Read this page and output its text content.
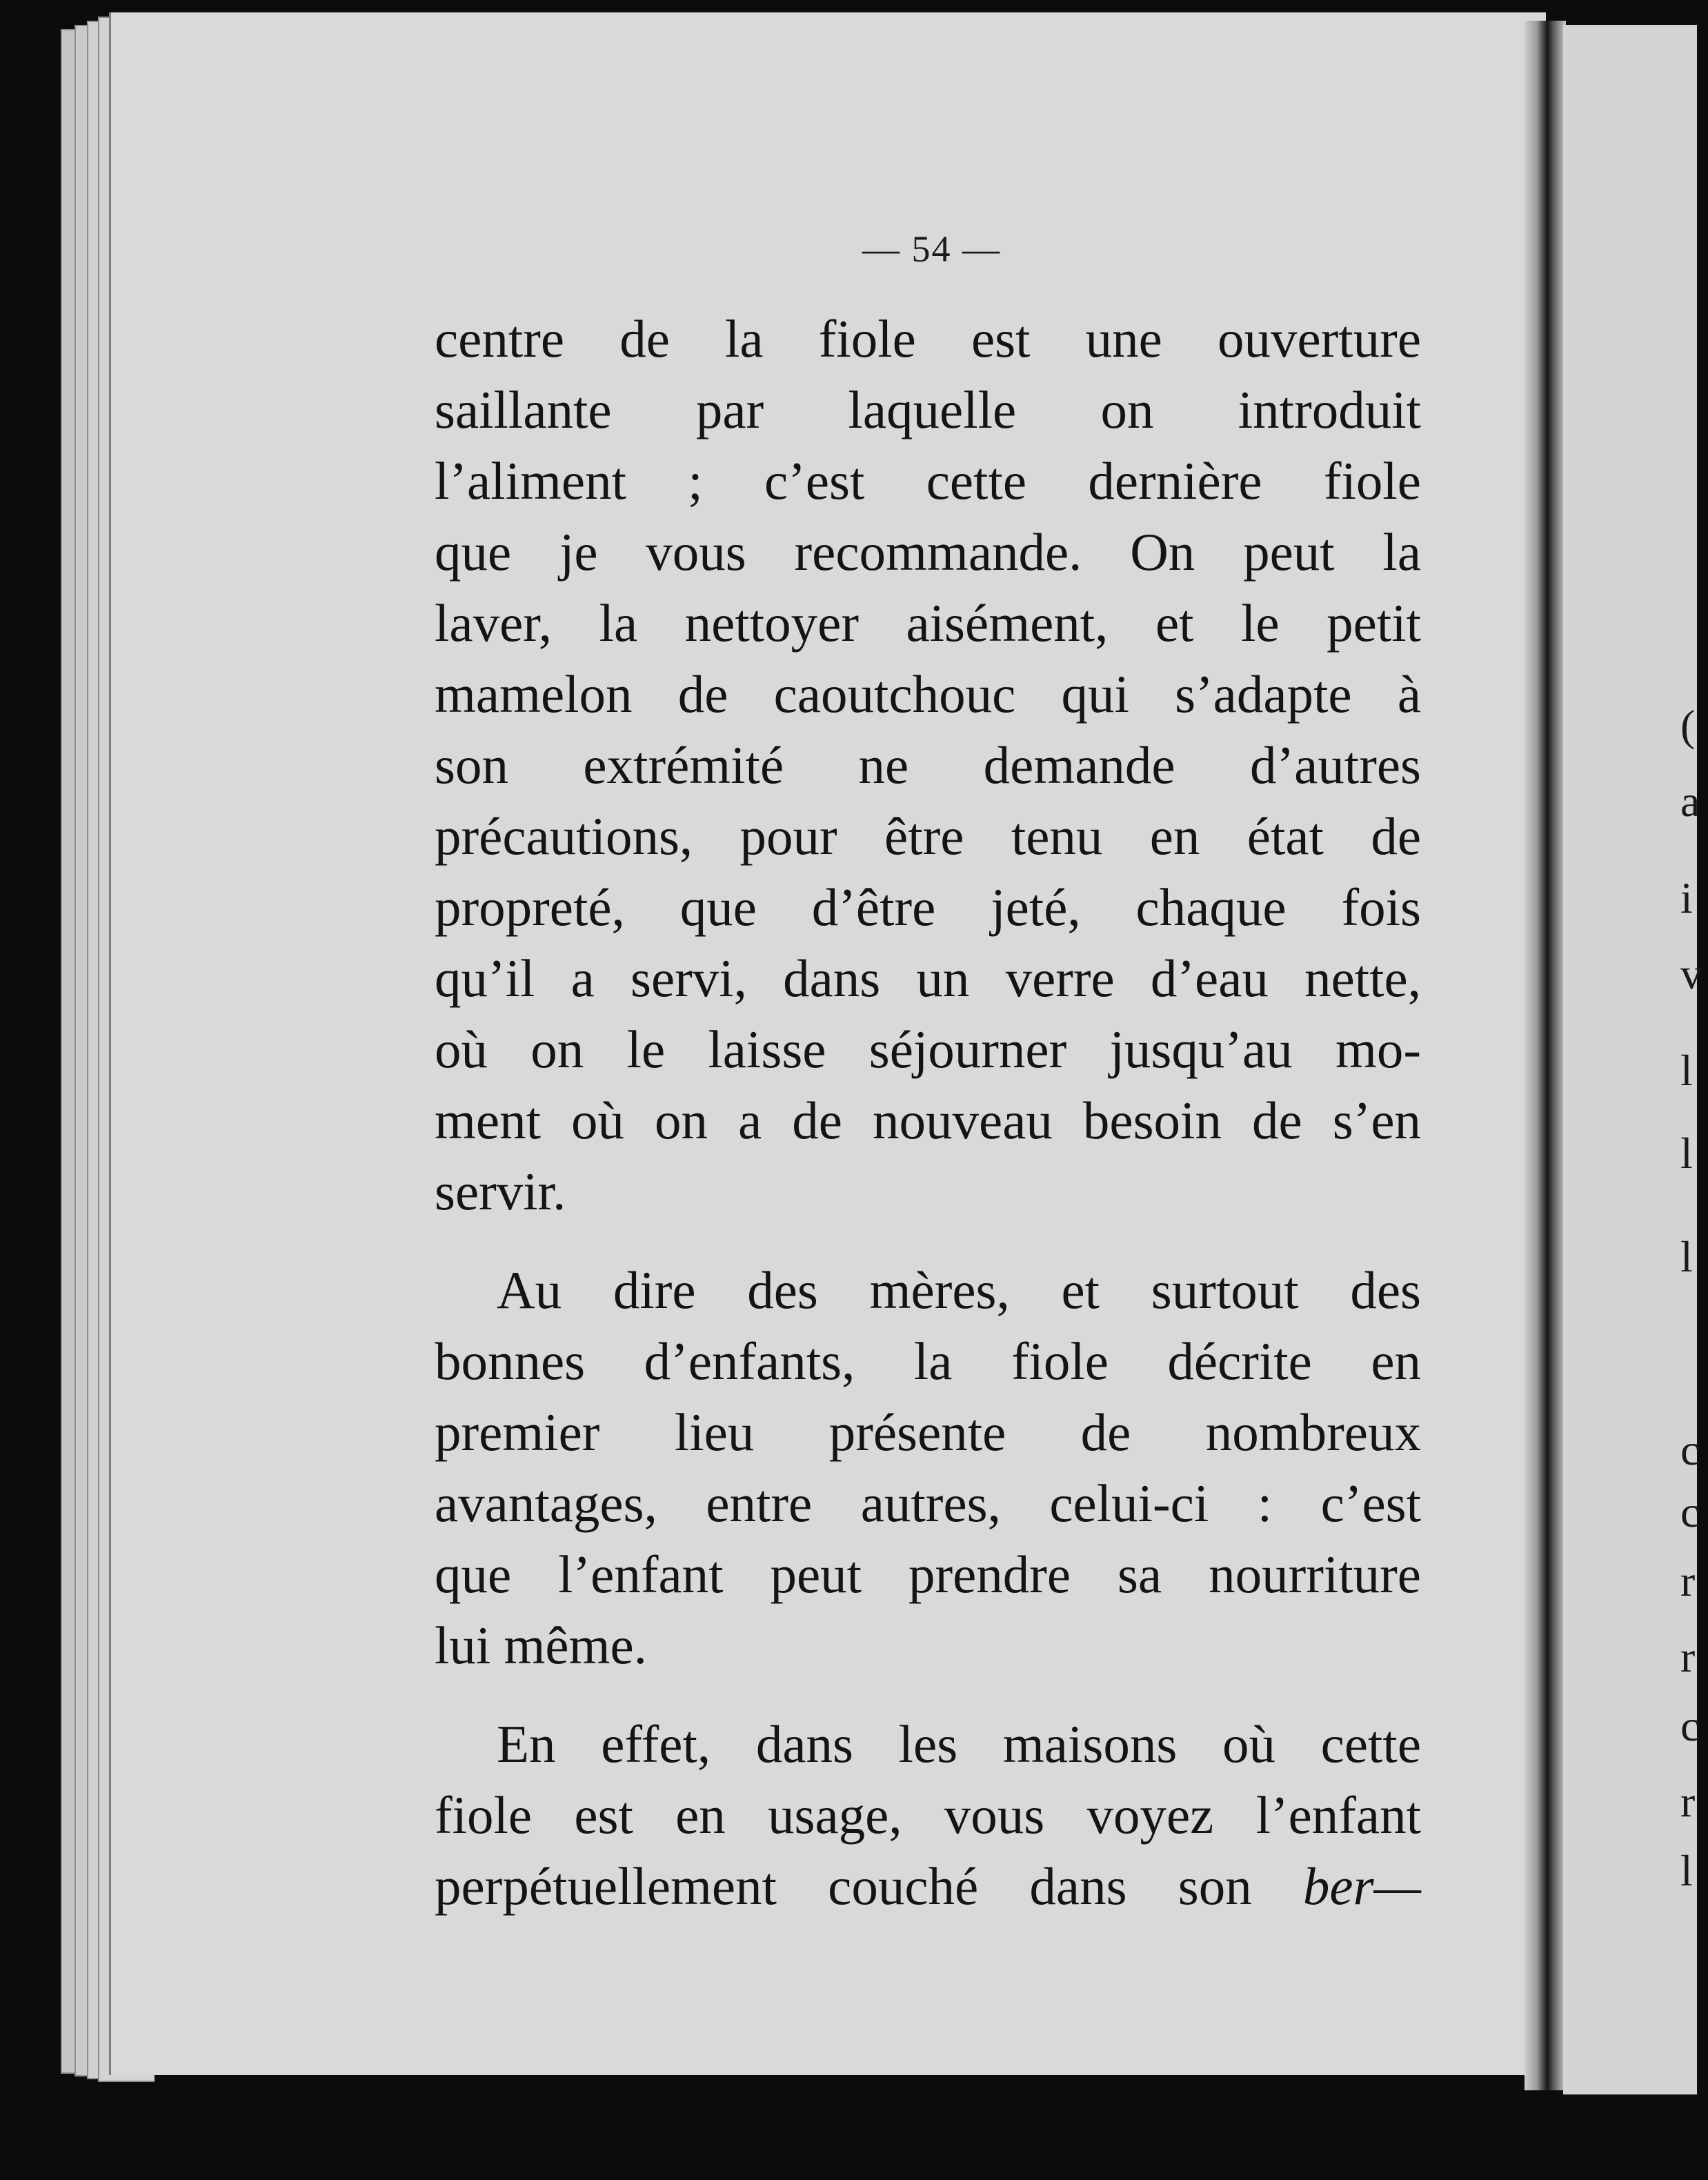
(
a
i
v
l
l
l
c
c
r
r
c
r
l
— 54 —
centre de la fiole est une ouverture
saillante par laquelle on introduit
l’aliment ; c’est cette dernière fiole
que je vous recommande. On peut la
laver, la nettoyer aisément, et le petit
mamelon de caoutchouc qui s’adapte à
son extrémité ne demande d’autres
précautions, pour être tenu en état de
propreté, que d’être jeté, chaque fois
qu’il a servi, dans un verre d’eau nette,
où on le laisse séjourner jusqu’au mo-
ment où on a de nouveau besoin de s’en
servir.
Au dire des mères, et surtout des
bonnes d’enfants, la fiole décrite en
premier lieu présente de nombreux
avantages, entre autres, celui-ci : c’est
que l’enfant peut prendre sa nourriture
lui même.
En effet, dans les maisons où cette
fiole est en usage, vous voyez l’enfant
perpétuellement couché dans son ber—
